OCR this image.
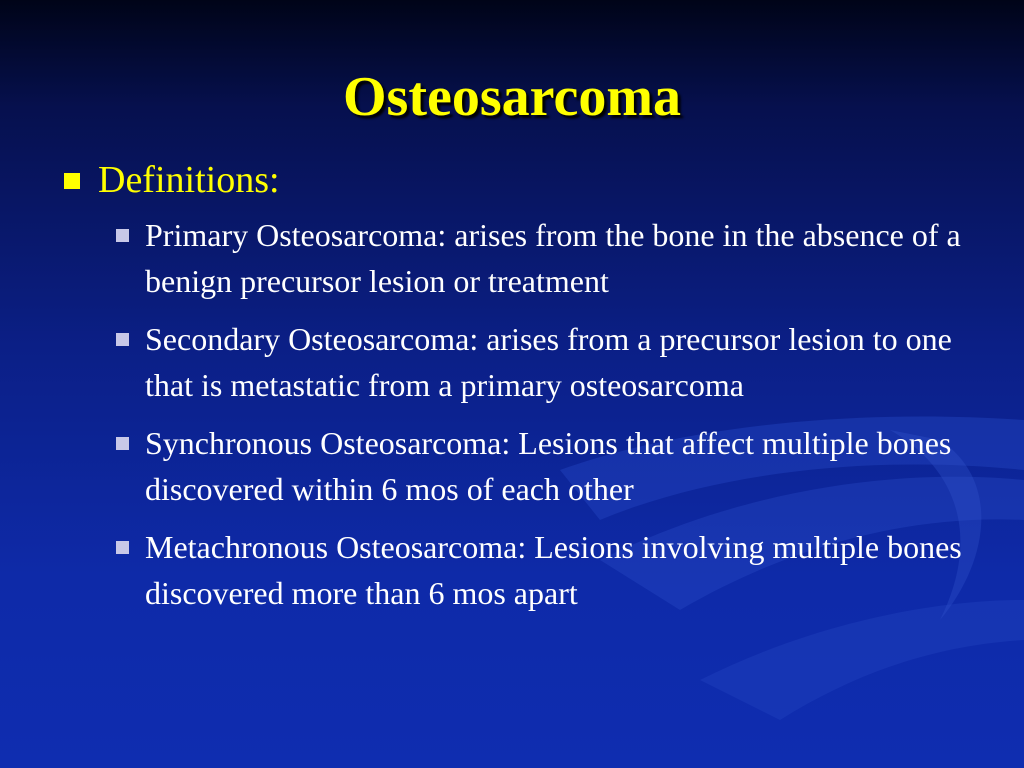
Osteosarcoma
Definitions:
Primary Osteosarcoma: arises from the bone in the absence of a benign precursor lesion or treatment
Secondary Osteosarcoma: arises from a precursor lesion to one that is metastatic from a primary osteosarcoma
Synchronous Osteosarcoma: Lesions that affect multiple bones discovered within 6 mos of each other
Metachronous Osteosarcoma: Lesions involving multiple bones discovered more than 6 mos apart
